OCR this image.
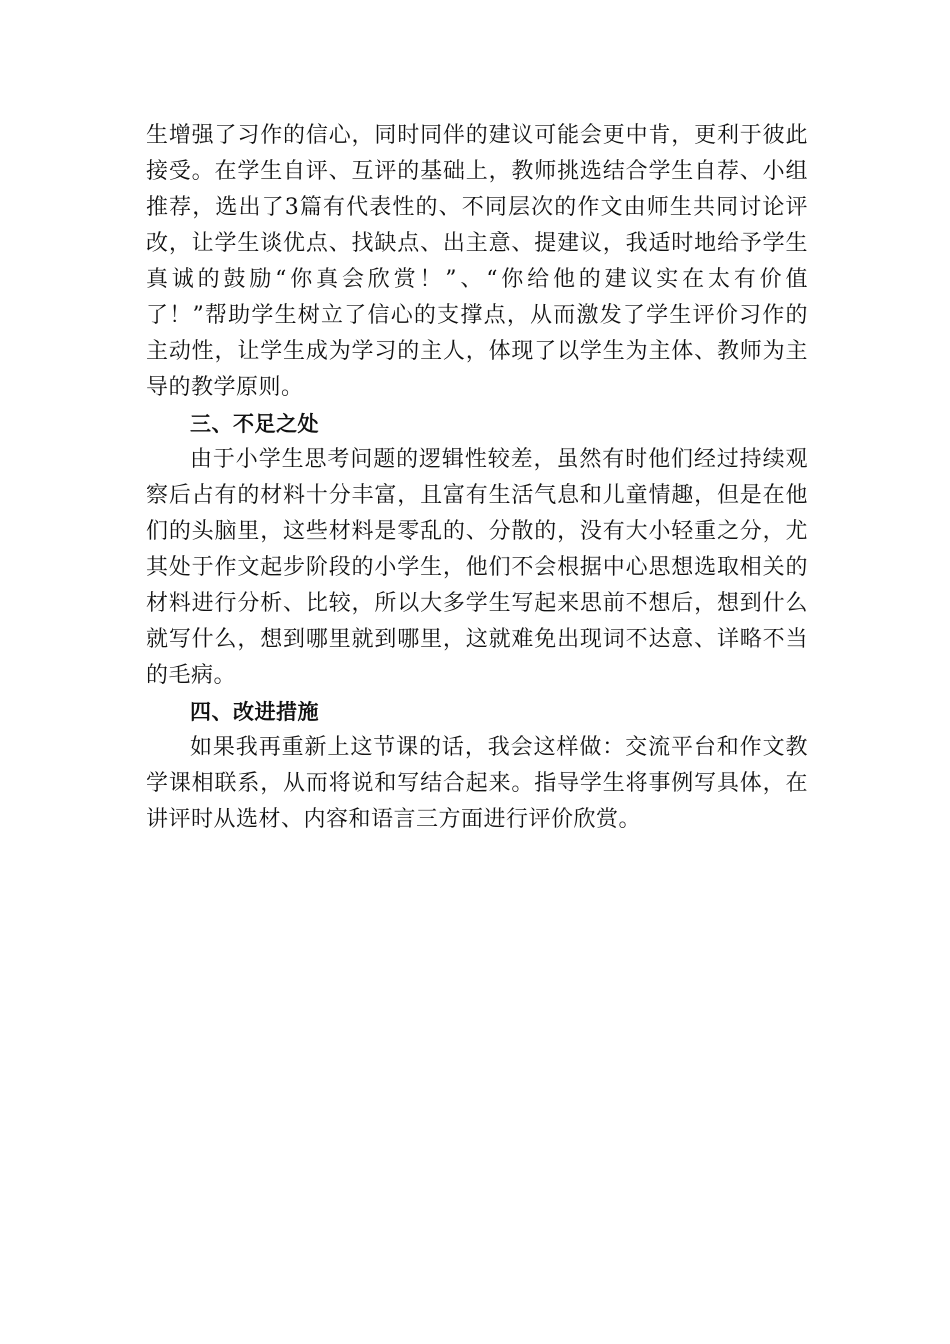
生增强了习作的信心，同时同伴的建议可能会更中肯，更利于彼此
接受。在学生自评、互评的基础上，教师挑选结合学生自荐、小组
推荐，选出了3篇有代表性的、不同层次的作文由师生共同讨论评
改，让学生谈优点、找缺点、出主意、提建议，我适时地给予学生
真诚的鼓励“你真会欣赏！”、“你给他的建议实在太有价值
了！”帮助学生树立了信心的支撑点，从而激发了学生评价习作的
主动性，让学生成为学习的主人，体现了以学生为主体、教师为主
导的教学原则。
三、不足之处
由于小学生思考问题的逻辑性较差，虽然有时他们经过持续观
察后占有的材料十分丰富，且富有生活气息和儿童情趣，但是在他
们的头脑里，这些材料是零乱的、分散的，没有大小轻重之分，尤
其处于作文起步阶段的小学生，他们不会根据中心思想选取相关的
材料进行分析、比较，所以大多学生写起来思前不想后，想到什么
就写什么，想到哪里就到哪里，这就难免出现词不达意、详略不当
的毛病。
四、改进措施
如果我再重新上这节课的话，我会这样做：交流平台和作文教
学课相联系，从而将说和写结合起来。指导学生将事例写具体，在
讲评时从选材、内容和语言三方面进行评价欣赏。
